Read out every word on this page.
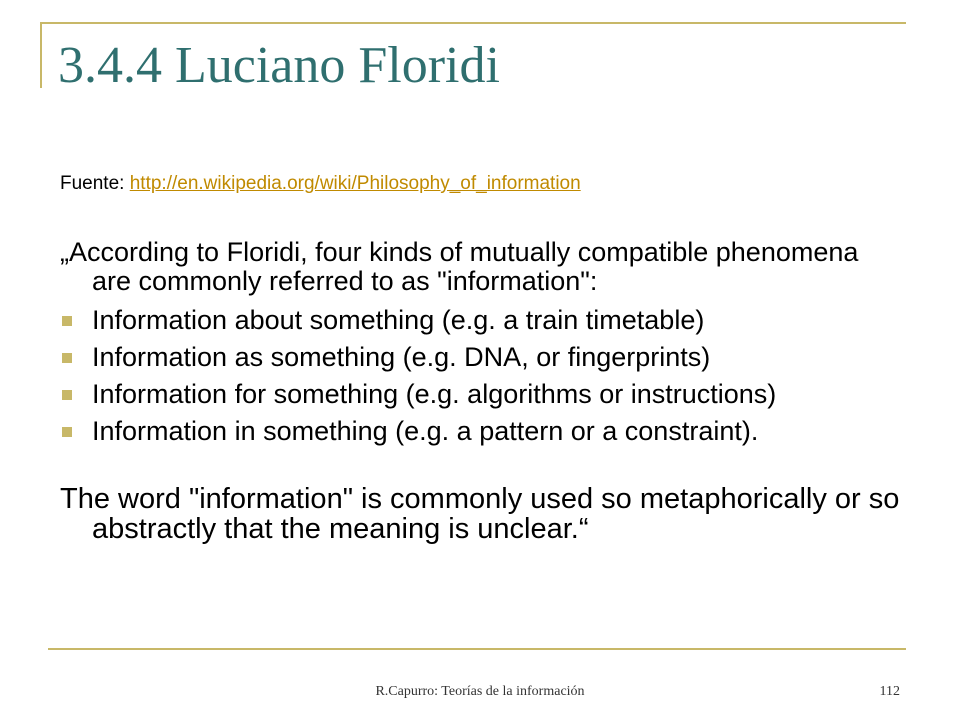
3.4.4 Luciano Floridi
Fuente: http://en.wikipedia.org/wiki/Philosophy_of_information

„According to Floridi, four kinds of mutually compatible phenomena are commonly referred to as "information":

Information about something (e.g. a train timetable)
Information as something (e.g. DNA, or fingerprints)
Information for something (e.g. algorithms or instructions)
Information in something (e.g. a pattern or a constraint).

The word "information" is commonly used so metaphorically or so abstractly that the meaning is unclear.“

R.Capurro: Teorías de la información	112
